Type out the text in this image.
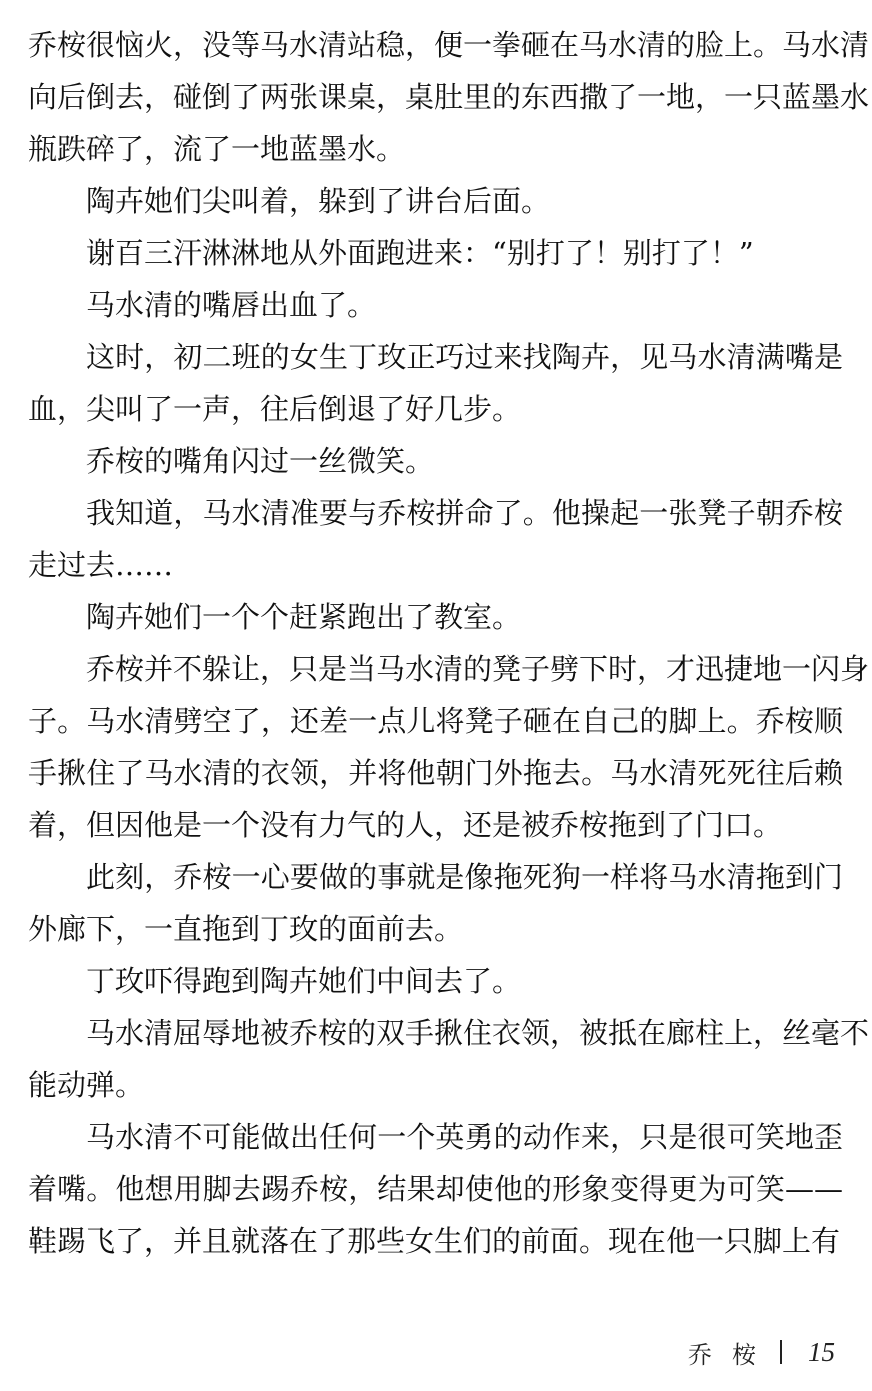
乔桉很恼火，没等马水清站稳，便一拳砸在马水清的脸上。马水清
向后倒去，碰倒了两张课桌，桌肚里的东西撒了一地，一只蓝墨水
瓶跌碎了，流了一地蓝墨水。
陶卉她们尖叫着，躲到了讲台后面。
谢百三汗淋淋地从外面跑进来：“别打了！别打了！”
马水清的嘴唇出血了。
这时，初二班的女生丁玫正巧过来找陶卉，见马水清满嘴是
血，尖叫了一声，往后倒退了好几步。
乔桉的嘴角闪过一丝微笑。
我知道，马水清准要与乔桉拼命了。他操起一张凳子朝乔桉
走过去……
陶卉她们一个个赶紧跑出了教室。
乔桉并不躲让，只是当马水清的凳子劈下时，才迅捷地一闪身
子。马水清劈空了，还差一点儿将凳子砸在自己的脚上。乔桉顺
手揪住了马水清的衣领，并将他朝门外拖去。马水清死死往后赖
着，但因他是一个没有力气的人，还是被乔桉拖到了门口。
此刻，乔桉一心要做的事就是像拖死狗一样将马水清拖到门
外廊下，一直拖到丁玫的面前去。
丁玫吓得跑到陶卉她们中间去了。
马水清屈辱地被乔桉的双手揪住衣领，被抵在廊柱上，丝毫不
能动弹。
马水清不可能做出任何一个英勇的动作来，只是很可笑地歪
着嘴。他想用脚去踢乔桉，结果却使他的形象变得更为可笑——
鞋踢飞了，并且就落在了那些女生们的前面。现在他一只脚上有
乔桉 15
